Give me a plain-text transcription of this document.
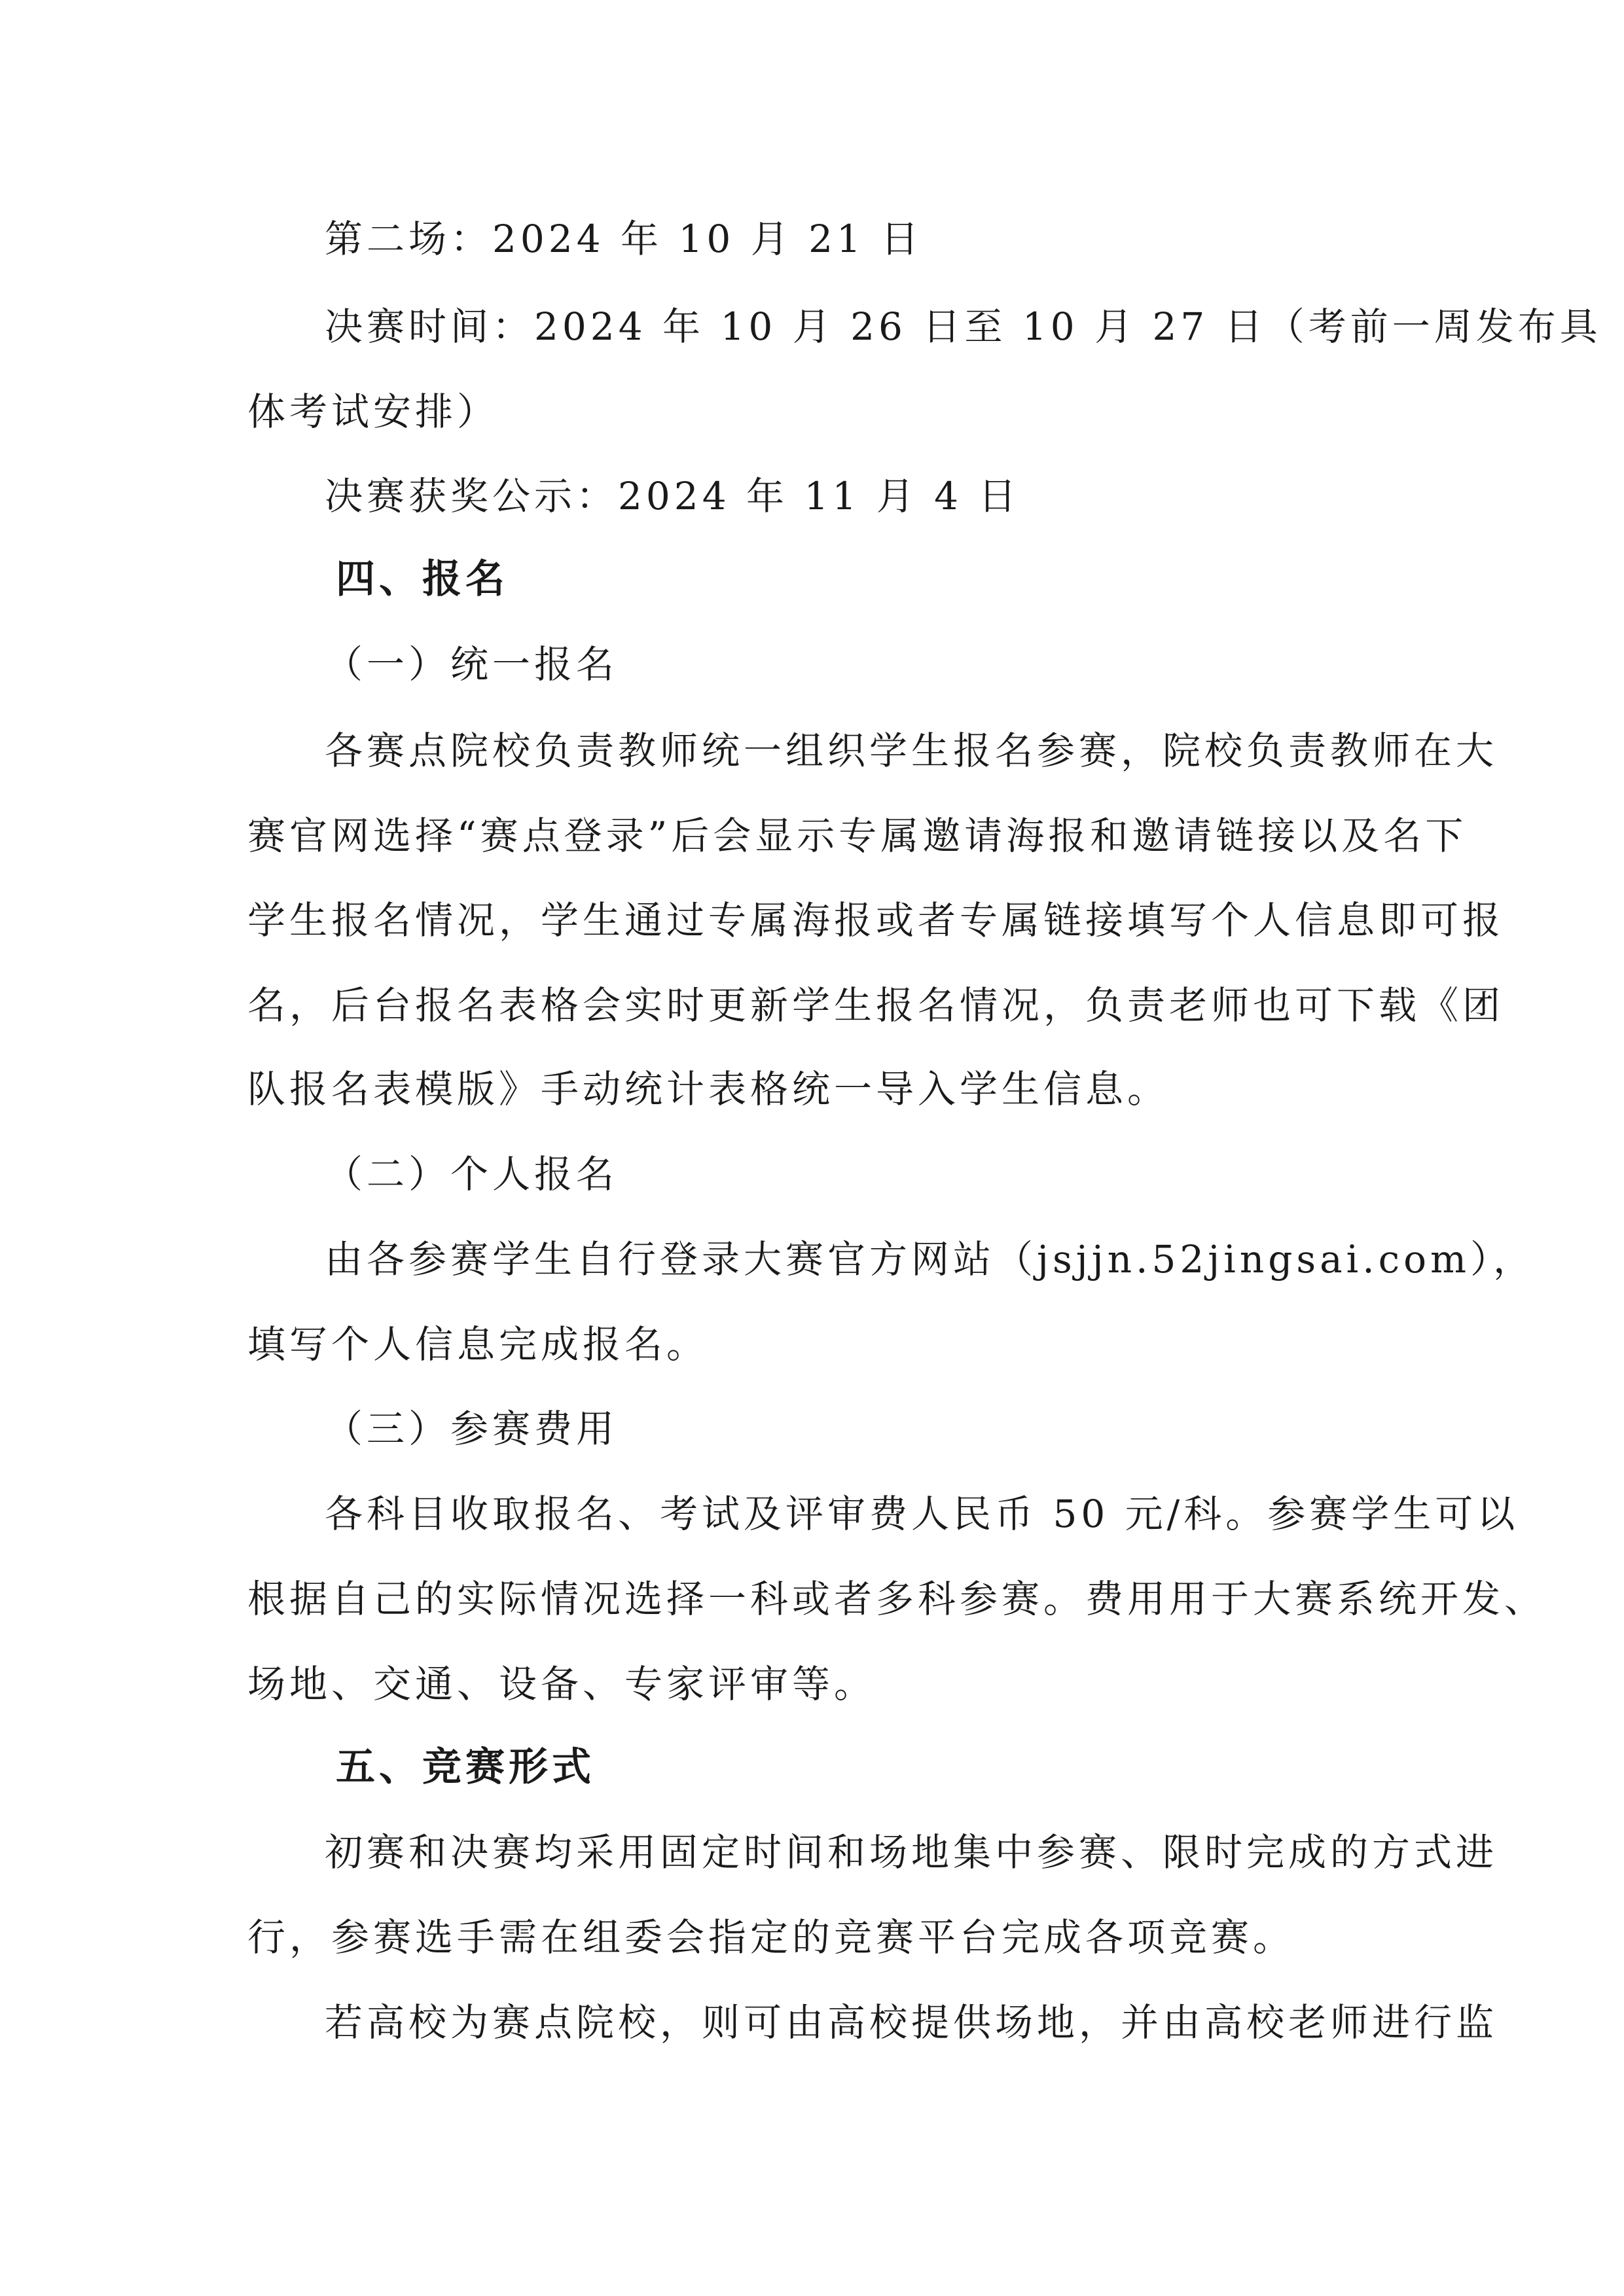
第二场：2024 年 10 月 21 日
决赛时间：2024 年 10 月 26 日至 10 月 27 日（考前一周发布具
体考试安排）
决赛获奖公示：2024 年 11 月 4 日
四、报名
（一）统一报名
各赛点院校负责教师统一组织学生报名参赛，院校负责教师在大
赛官网选择“赛点登录”后会显示专属邀请海报和邀请链接以及名下
学生报名情况，学生通过专属海报或者专属链接填写个人信息即可报
名，后台报名表格会实时更新学生报名情况，负责老师也可下载《团
队报名表模版》手动统计表格统一导入学生信息。
（二）个人报名
由各参赛学生自行登录大赛官方网站（jsjjn.52jingsai.com），
填写个人信息完成报名。
（三）参赛费用
各科目收取报名、考试及评审费人民币 50 元/科。参赛学生可以
根据自己的实际情况选择一科或者多科参赛。费用用于大赛系统开发、
场地、交通、设备、专家评审等。
五、竞赛形式
初赛和决赛均采用固定时间和场地集中参赛、限时完成的方式进
行，参赛选手需在组委会指定的竞赛平台完成各项竞赛。
若高校为赛点院校，则可由高校提供场地，并由高校老师进行监
